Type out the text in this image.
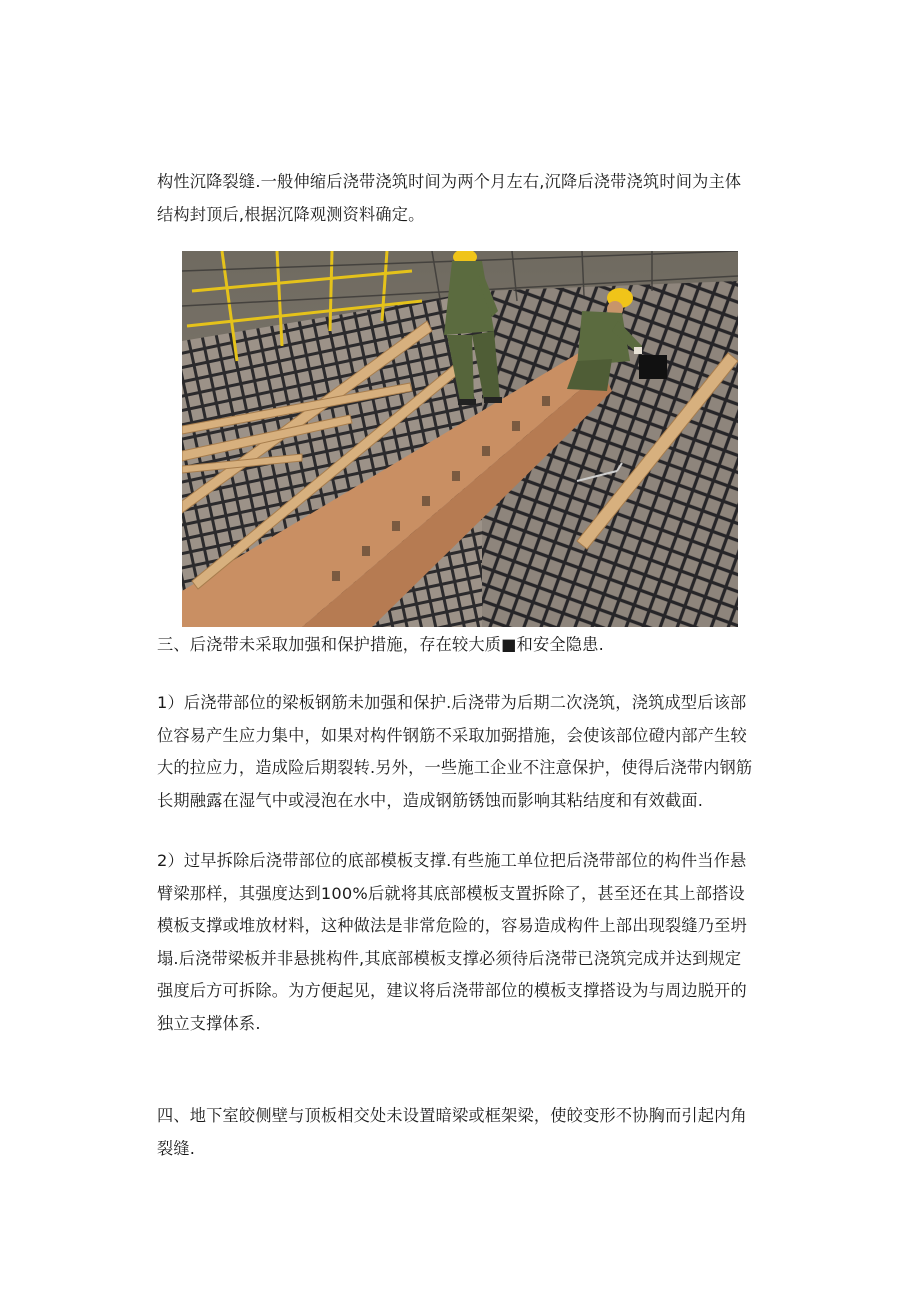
构性沉降裂缝.一般伸缩后浇带浇筑时间为两个月左右,沉降后浇带浇筑时间为主体
结构封顶后,根据沉降观测资料确定。

三、后浇带未采取加强和保护措施，存在较大质■和安全隐患.

1）后浇带部位的梁板钢筋未加强和保护.后浇带为后期二次浇筑，浇筑成型后该部
位容易产生应力集中，如果对构件钢筋不采取加弼措施，会使该部位磴内部产生较
大的拉应力，造成险后期裂转.另外，一些施工企业不注意保护，使得后浇带内钢筋
长期融露在湿气中或浸泡在水中，造成钢筋锈蚀而影响其粘结度和有效截面.

2）过早拆除后浇带部位的底部模板支撑.有些施工单位把后浇带部位的构件当作悬
臂梁那样，其强度达到100%后就将其底部模板支置拆除了，甚至还在其上部搭设
模板支撑或堆放材料，这种做法是非常危险的，容易造成构件上部出现裂缝乃至坍
塌.后浇带梁板并非悬挑构件,其底部模板支撑必须待后浇带已浇筑完成并达到规定
强度后方可拆除。为方便起见，建议将后浇带部位的模板支撑搭设为与周边脱开的
独立支撑体系.

四、地下室皎侧壁与顶板相交处未设置暗梁或框架梁，使皎变形不协胸而引起内角
裂缝.
